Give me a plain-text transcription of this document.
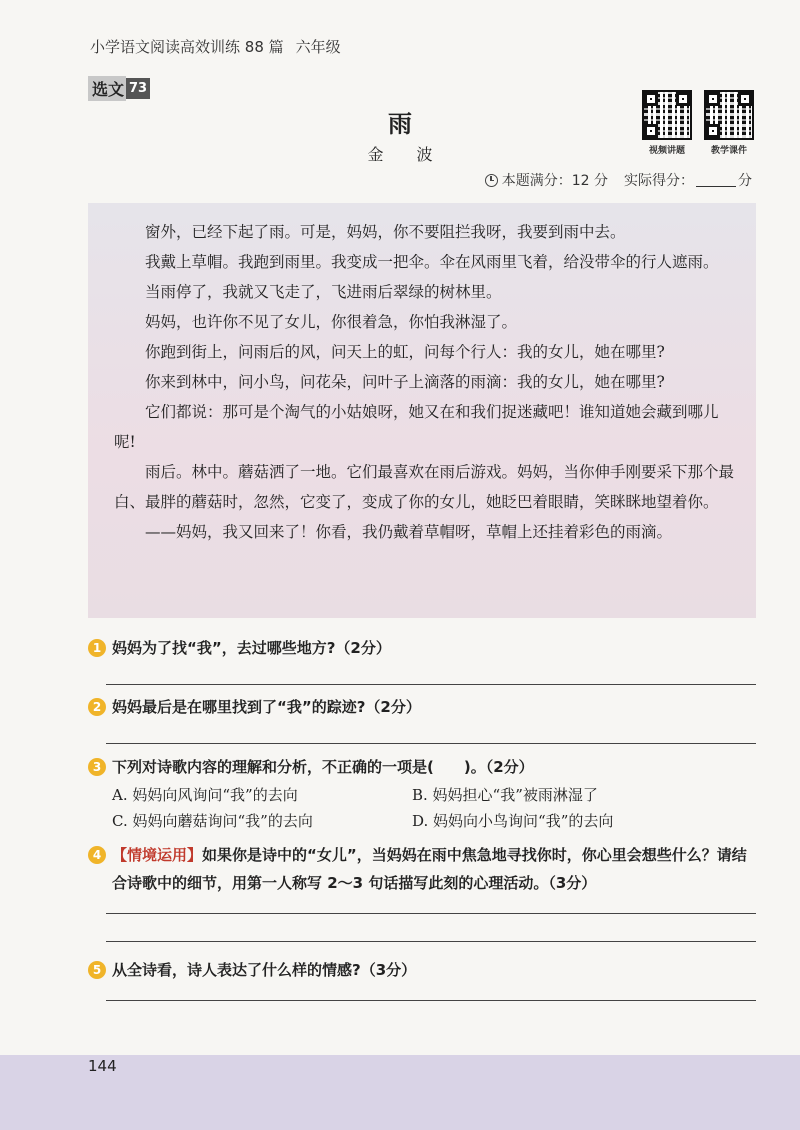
小学语文阅读高效训练 88 篇 六年级
选文 73
雨
金 波	视频讲题	教学课件
本题满分：12 分 实际得分：	分

窗外，已经下起了雨。可是，妈妈，你不要阻拦我呀，我要到雨中去。

我戴上草帽。我跑到雨里。我变成一把伞。伞在风雨里飞着，给没带伞的行人遮雨。

当雨停了，我就又飞走了，飞进雨后翠绿的树林里。

妈妈，也许你不见了女儿，你很着急，你怕我淋湿了。

你跑到街上，问雨后的风，问天上的虹，问每个行人：我的女儿，她在哪里?

你来到林中，问小鸟，问花朵，问叶子上滴落的雨滴：我的女儿，她在哪里?

它们都说：那可是个淘气的小姑娘呀，她又在和我们捉迷藏吧！谁知道她会藏到哪儿呢!

雨后。林中。蘑菇洒了一地。它们最喜欢在雨后游戏。妈妈，当你伸手刚要采下那个最白、最胖的蘑菇时，忽然，它变了，变成了你的女儿，她眨巴着眼睛，笑眯眯地望着你。

——妈妈，我又回来了！你看，我仍戴着草帽呀，草帽上还挂着彩色的雨滴。

1 妈妈为了找“我”，去过哪些地方?（2分）
2 妈妈最后是在哪里找到了“我”的踪迹?（2分）
3 下列对诗歌内容的理解和分析，不正确的一项是(　　)。（2分）
A. 妈妈向风询问“我”的去向	B. 妈妈担心“我”被雨淋湿了
C. 妈妈向蘑菇询问“我”的去向	D. 妈妈向小鸟询问“我”的去向
4 【情境运用】如果你是诗中的“女儿”，当妈妈在雨中焦急地寻找你时，你心里会想些什么？请结合诗歌中的细节，用第一人称写 2～3 句话描写此刻的心理活动。（3分）
5 从全诗看，诗人表达了什么样的情感?（3分）
144
